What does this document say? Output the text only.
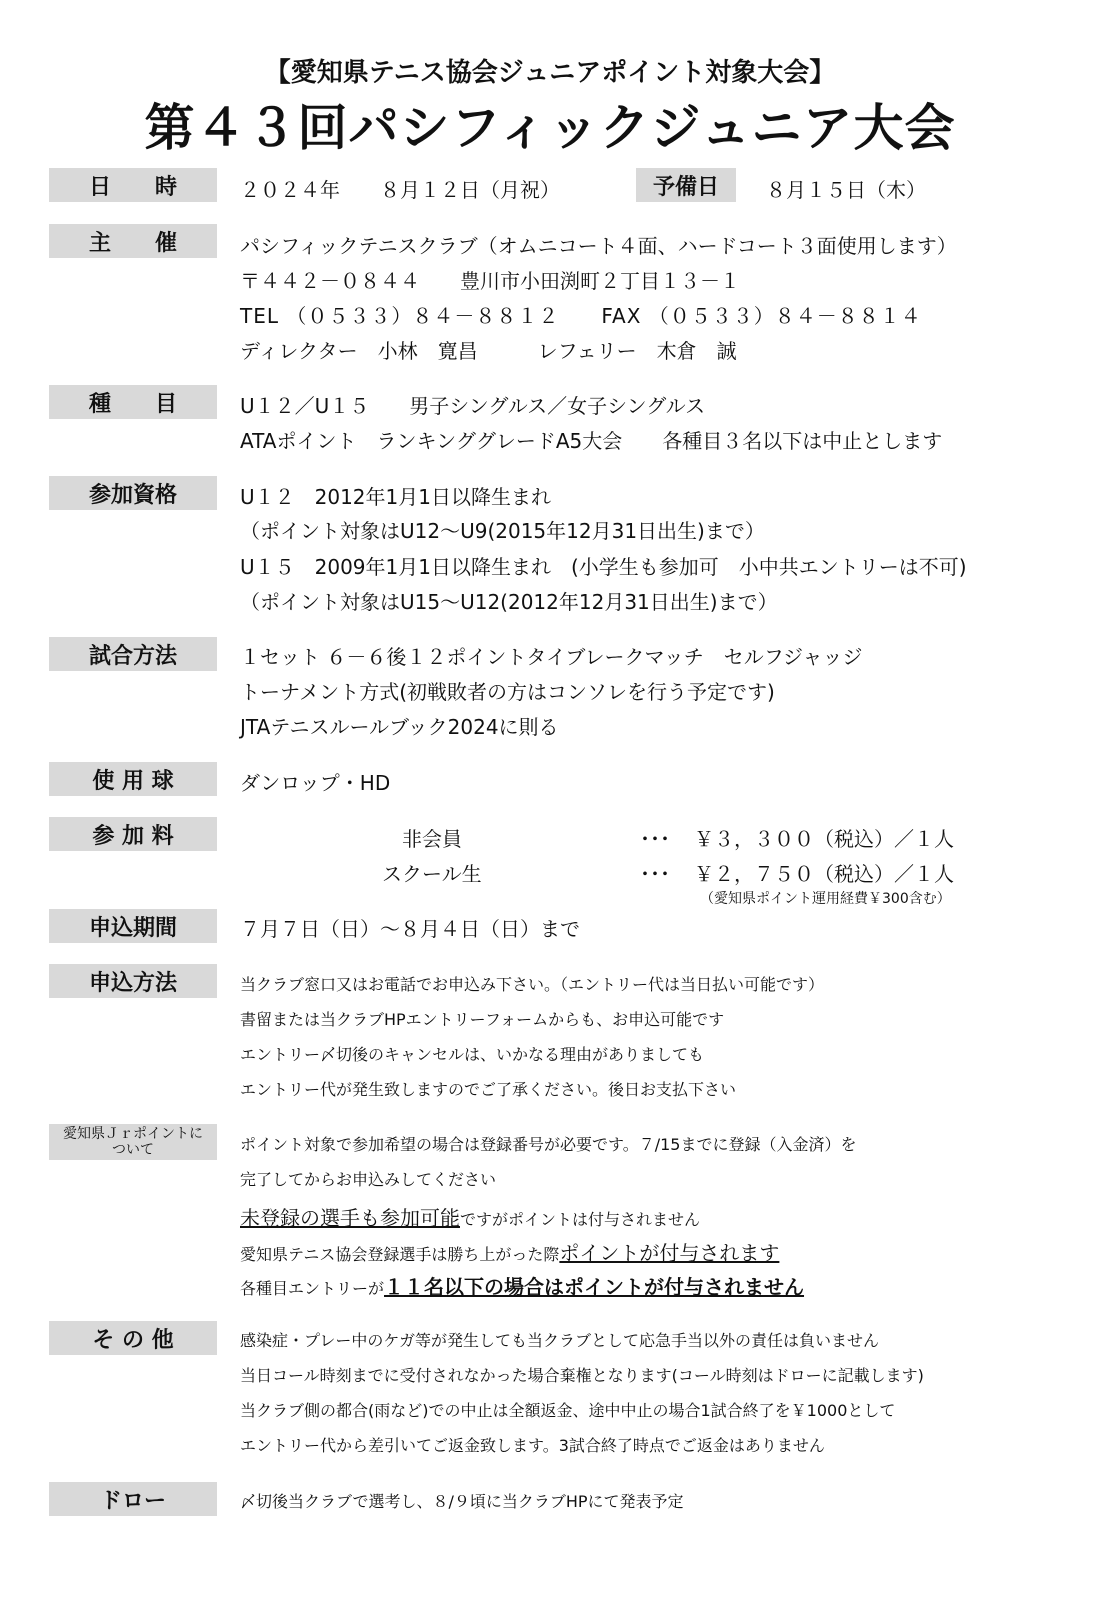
【愛知県テニス協会ジュニアポイント対象大会】
第４３回パシフィックジュニア大会
日　　時	２０２４年　　８月１２日（月祝）	予備日	８月１５日（木）
主　　催	パシフィックテニスクラブ（オムニコート４面、ハードコート３面使用します）
〒４４２－０８４４　　豊川市小田渕町２丁目１３－１
TEL （０５３３）８４－８８１２　　FAX （０５３３）８４－８８１４
ディレクター　小林　寛昌　　　レフェリー　木倉　誠
種　　目	U１２／U１５　　男子シングルス／女子シングルス
ATAポイント　ランキンググレードA5大会　　各種目３名以下は中止とします
参加資格	U１２　2012年1月1日以降生まれ
（ポイント対象はU12～U9(2015年12月31日出生)まで）
U１５　2009年1月1日以降生まれ　(小学生も参加可　小中共エントリーは不可)
（ポイント対象はU15～U12(2012年12月31日出生)まで）
試合方法	１セット ６－６後１２ポイントタイブレークマッチ　セルフジャッジ
トーナメント方式(初戦敗者の方はコンソレを行う予定です)
JTAテニスルールブック2024に則る
使 用 球	ダンロップ・HD
参 加 料	非会員	･･･ ￥３，３００（税込）／１人
スクール生	･･･ ￥２，７５０（税込）／１人
（愛知県ポイント運用経費￥300含む）
申込期間	７月７日（日）～８月４日（日）まで
申込方法	当クラブ窓口又はお電話でお申込み下さい。（エントリー代は当日払い可能です）
書留または当クラブHPエントリーフォームからも、お申込可能です
エントリー〆切後のキャンセルは、いかなる理由がありましても
エントリー代が発生致しますのでご了承ください。後日お支払下さい
愛知県Ｊｒポイントに
ついて	ポイント対象で参加希望の場合は登録番号が必要です。７/15までに登録（入金済）を
完了してからお申込みしてください
未登録の選手も参加可能ですがポイントは付与されません
愛知県テニス協会登録選手は勝ち上がった際ポイントが付与されます
各種目エントリーが１１名以下の場合はポイントが付与されません
そ の 他	感染症・プレー中のケガ等が発生しても当クラブとして応急手当以外の責任は負いません
当日コール時刻までに受付されなかった場合棄権となります(コール時刻はドローに記載します)
当クラブ側の都合(雨など)での中止は全額返金、途中中止の場合1試合終了を￥1000として
エントリー代から差引いてご返金致します。3試合終了時点でご返金はありません
ドロー	〆切後当クラブで選考し、８/９頃に当クラブHPにて発表予定
